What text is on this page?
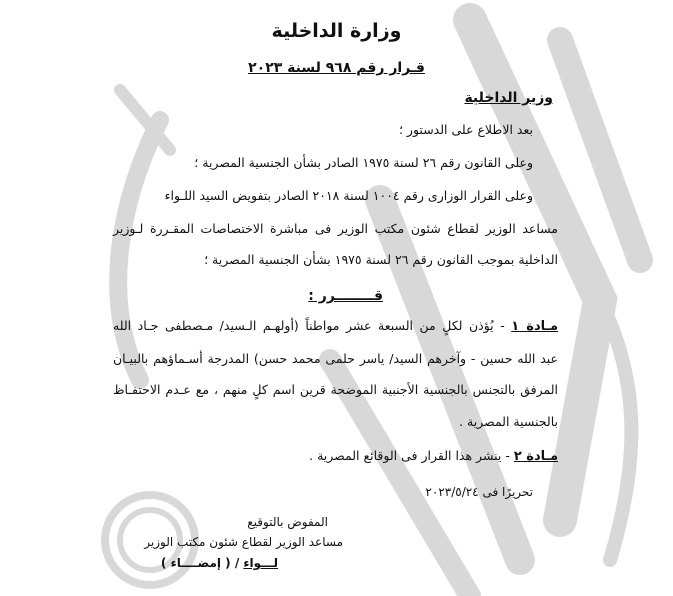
وزارة الداخلية
قـرار رقم ٩٦٨ لسنة ٢٠٢٣
وزير الداخلية
بعد الاطلاع على الدستور ؛
وعلى القانون رقم ٢٦ لسنة ١٩٧٥ الصادر بشأن الجنسية المصرية ؛
وعلى القرار الوزارى رقم ١٠٠٤ لسنة ٢٠١٨ الصادر بتفويض السيد اللـواء
مساعد الوزير لقطاع شئون مكتب الوزير فى مباشرة الاختصاصات المقـررة لـوزير
الداخلية بموجب القانون رقم ٢٦ لسنة ١٩٧٥ بشأن الجنسية المصرية ؛
قــــــــرر :
مـادة ١ - يُؤذن لكلٍ من السبعة عشر مواطناً (أولهـم الـسيد/ مـصطفى جـاد الله
عبد الله حسين - وآخرهم السيد/ ياسر حلمى محمد حسن) المدرجة أسـماؤهم بالبيـان
المرفق بالتجنس بالجنسية الأجنبية الموضحة قرين اسم كلٍ منهم ، مع عـدم الاحتفـاظ
بالجنسية المصرية .
مـادة ٢ - ينشر هذا القرار فى الوقائع المصرية .
تحريرًا فى ٢٠٢٣/٥/٢٤
المفوض بالتوقيع
مساعد الوزير لقطاع شئون مكتب الوزير
لـــواء / ( إمضــــاء )
